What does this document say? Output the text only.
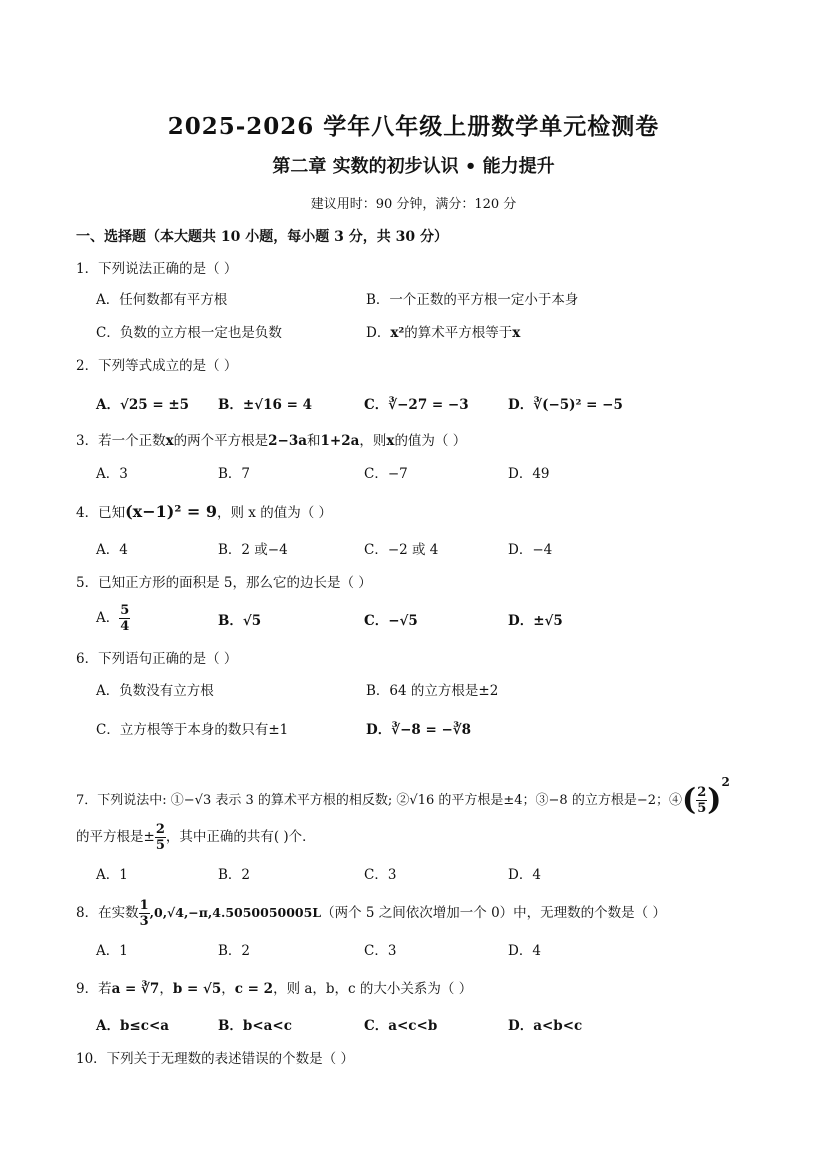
2025-2026 学年八年级上册数学单元检测卷
第二章 实数的初步认识 • 能力提升
建议用时：90 分钟，满分：120 分
一、选择题（本大题共 10 小题，每小题 3 分，共 30 分）
1．下列说法正确的是（ ）
A．任何数都有平方根	B．一个正数的平方根一定小于本身
C．负数的立方根一定也是负数	D．x²的算术平方根等于x
2．下列等式成立的是（ ）
A．√25 = ±5 B．±√16 = 4	C．∛−27 = −3	D．∛(−5)² = −5
3．若一个正数x的两个平方根是2−3a和1+2a，则x的值为（ ）
A．3	B．7	C．−7	D．49
4．已知(x−1)² = 9，则 x 的值为（ ）
A．4	B．2 或−4	C．−2 或 4	D．−4
5．已知正方形的面积是 5，那么它的边长是（ ）
A． $\frac{5}{4}$	B．√5	C．−√5	D．±√5
6．下列语句正确的是（ ）
A．负数没有立方根	B．64 的立方根是±2
C．立方根等于本身的数只有±1	D．∛−8 = −∛8
7．下列说法中: ①−√3 表示 3 的算术平方根的相反数; ②√16 的平方根是±4；③−8 的立方根是−2；④( $\frac{2}{5} )^2$
的平方根是± $\frac{2}{5}$ ，其中正确的共有( )个．
A．1	B．2	C．3	D．4
8．在实数 $\frac{1}{3} ,0,√4,-\pi,4.5050050005L$（两个 5 之间依次增加一个 0）中，无理数的个数是（ ）
A．1	B．2	C．3	D．4
9．若a = ∛7，b = √5，c = 2，则 a，b，c 的大小关系为（ ）
A．b≤c<a	B．b<a<c	C．a<c<b	D．a<b<c
10．下列关于无理数的表述错误的个数是（ ）
